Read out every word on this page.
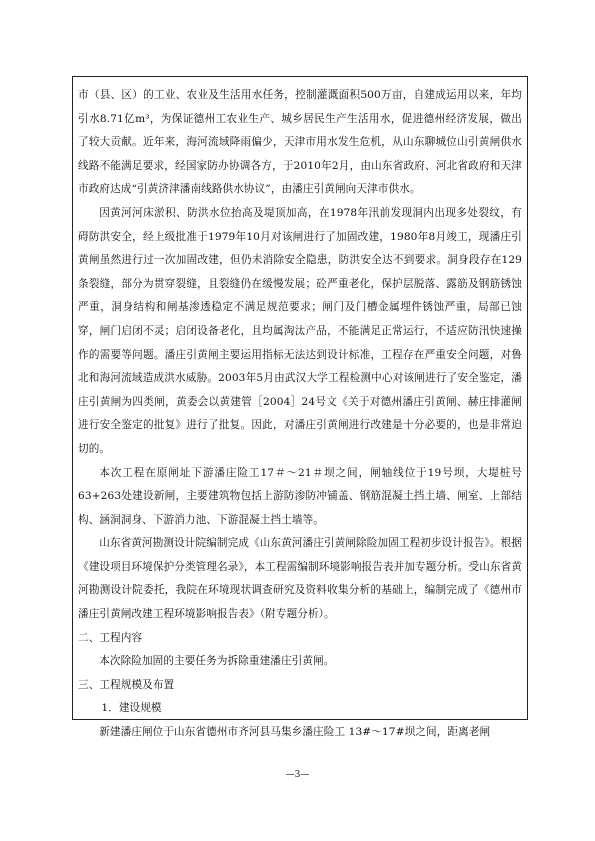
市（县、区）的工业、农业及生活用水任务，控制灌溉面积500万亩，自建成运用以来，年均引水8.71亿m³，为保证德州工农业生产、城乡居民生产生活用水，促进德州经济发展，做出了较大贡献。近年来，海河流域降雨偏少，天津市用水发生危机，从山东聊城位山引黄闸供水线路不能满足要求，经国家防办协调各方，于2010年2月，由山东省政府、河北省政府和天津市政府达成“引黄济津潘南线路供水协议”，由潘庄引黄闸向天津市供水。

因黄河河床淤积、防洪水位抬高及堤顶加高，在1978年汛前发现洞内出现多处裂纹，有碍防洪安全，经上级批准于1979年10月对该闸进行了加固改建，1980年8月竣工，现潘庄引黄闸虽然进行过一次加固改建，但仍未消除安全隐患，防洪安全达不到要求。洞身段存在129条裂缝，部分为贯穿裂缝，且裂缝仍在缓慢发展；砼严重老化，保护层脱落、露筋及钢筋锈蚀严重，洞身结构和闸基渗透稳定不满足规范要求；闸门及门槽金属埋件锈蚀严重，局部已蚀穿，闸门启闭不灵；启闭设备老化，且均属淘汰产品，不能满足正常运行，不适应防汛快速操作的需要等问题。潘庄引黄闸主要运用指标无法达到设计标准，工程存在严重安全问题，对鲁北和海河流域造成洪水威胁。2003年5月由武汉大学工程检测中心对该闸进行了安全鉴定，潘庄引黄闸为四类闸，黄委会以黄建管［2004］24号文《关于对德州潘庄引黄闸、赫庄排灌闸进行安全鉴定的批复》进行了批复。因此，对潘庄引黄闸进行改建是十分必要的，也是非常迫切的。

本次工程在原闸址下游潘庄险工17＃～21＃坝之间，闸轴线位于19号坝，大堤桩号63+263处建设新闸，主要建筑物包括上游防渗防冲铺盖、钢筋混凝土挡土墙、闸室、上部结构、涵洞洞身、下游消力池、下游混凝土挡土墙等。

山东省黄河勘测设计院编制完成《山东黄河潘庄引黄闸除险加固工程初步设计报告》。根据《建设项目环境保护分类管理名录》，本工程需编制环境影响报告表并加专题分析。受山东省黄河勘测设计院委托，我院在环境现状调查研究及资料收集分析的基础上，编制完成了《德州市潘庄引黄闸改建工程环境影响报告表》（附专题分析）。

二、工程内容

本次除险加固的主要任务为拆除重建潘庄引黄闸。

三、工程规模及布置

1．建设规模

新建潘庄闸位于山东省德州市齐河县马集乡潘庄险工 13#～17#坝之间，距离老闸

—3—
